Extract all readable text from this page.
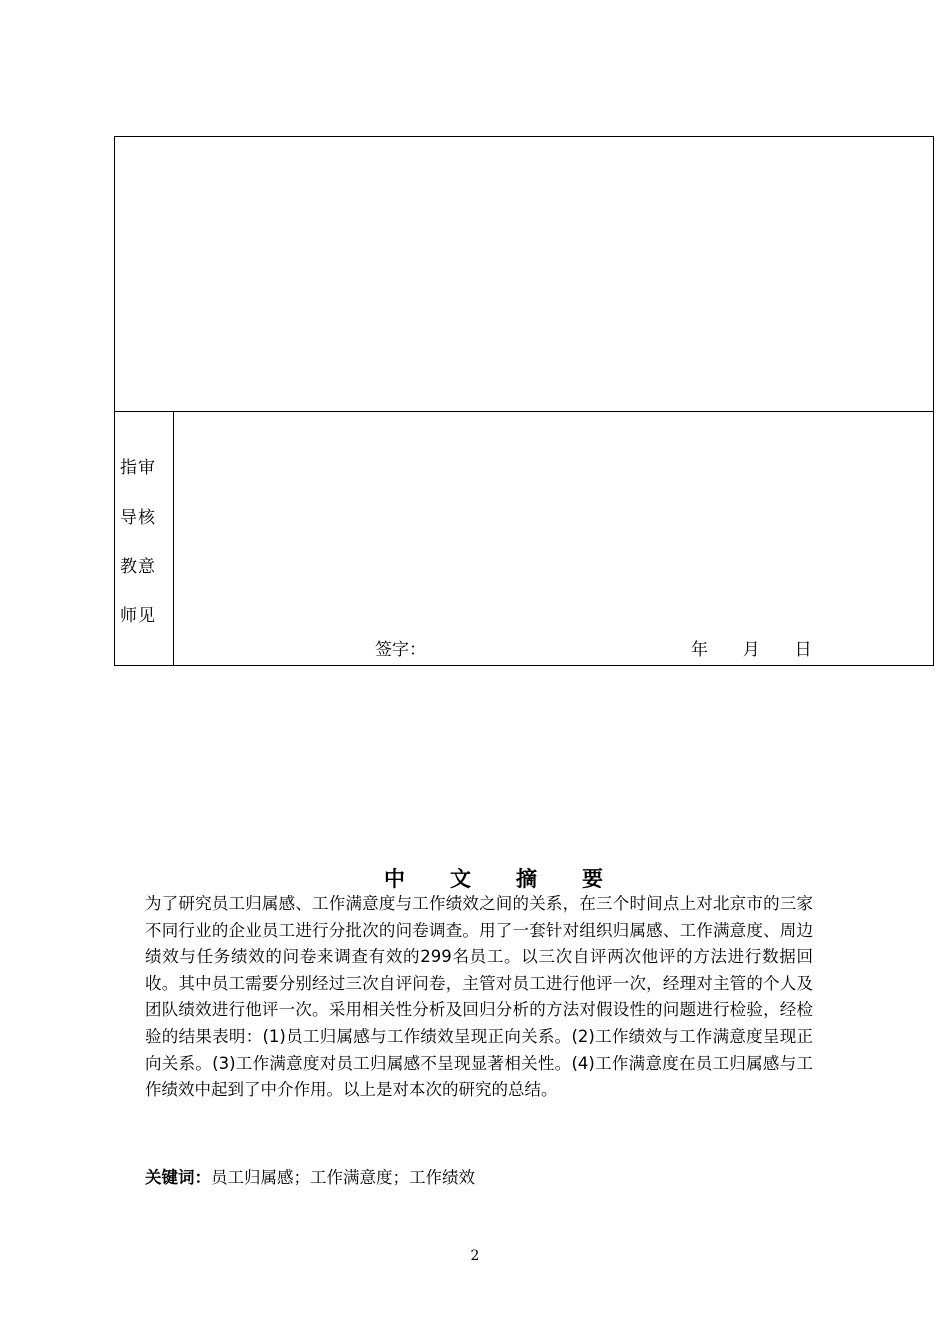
指审
导核
教意
师见
签字：	年  月  日
中文摘要

为了研究员工归属感、工作满意度与工作绩效之间的关系，在三个时间点上对北京市的三家不同行业的企业员工进行分批次的问卷调查。用了一套针对组织归属感、工作满意度、周边绩效与任务绩效的问卷来调查有效的299名员工。以三次自评两次他评的方法进行数据回收。其中员工需要分别经过三次自评问卷，主管对员工进行他评一次，经理对主管的个人及团队绩效进行他评一次。采用相关性分析及回归分析的方法对假设性的问题进行检验，经检验的结果表明：(1)员工归属感与工作绩效呈现正向关系。(2)工作绩效与工作满意度呈现正向关系。(3)工作满意度对员工归属感不呈现显著相关性。(4)工作满意度在员工归属感与工作绩效中起到了中介作用。以上是对本次的研究的总结。

关键词：员工归属感；工作满意度；工作绩效
2
